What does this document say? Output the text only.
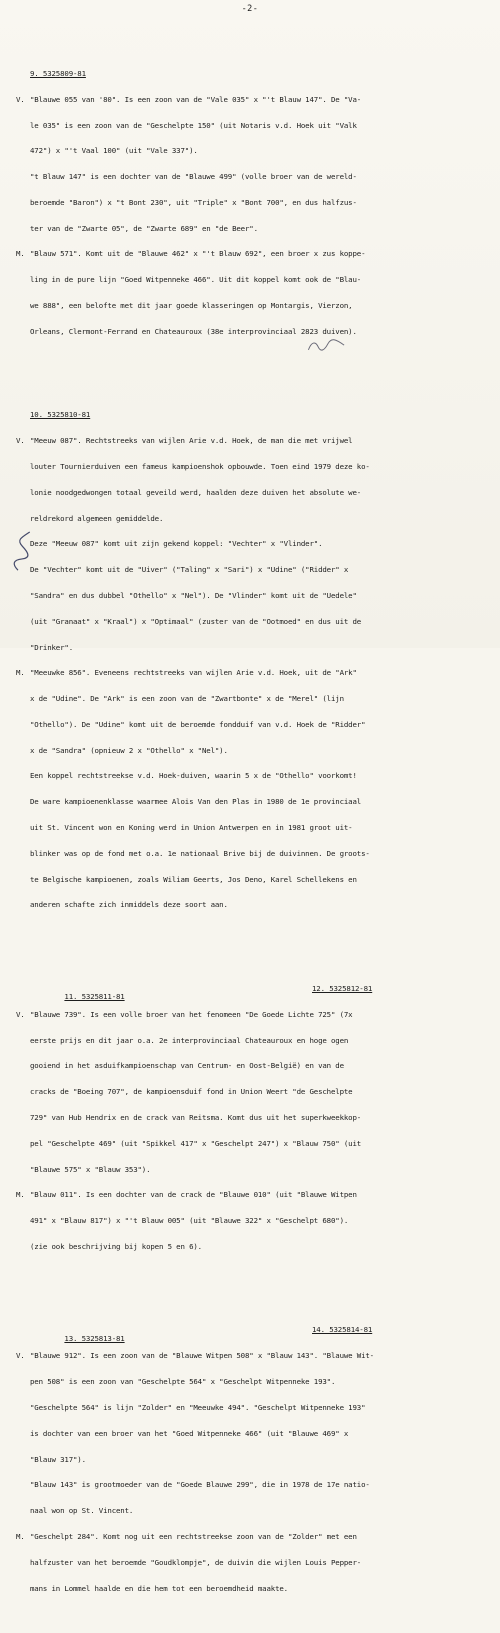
-2-

9. 5325809-81

V. "Blauwe 055 van '80". Is een zoon van de "Vale 035" x "'t Blauw 147". De "Va-

le 035" is een zoon van de "Geschelpte 150" (uit Notaris v.d. Hoek uit "Valk

472") x "'t Vaal 100" (uit "Vale 337").

"t Blauw 147" is een dochter van de "Blauwe 499" (volle broer van de wereld-

beroemde "Baron") x "t Bont 230", uit "Triple" x "Bont 700", en dus halfzus-

ter van de "Zwarte 05", de "Zwarte 689" en "de Beer".

M. "Blauw 571". Komt uit de "Blauwe 462" x "'t Blauw 692", een broer x zus koppe-

ling in de pure lijn "Goed Witpenneke 466". Uit dit koppel komt ook de "Blau-

we 888", een belofte met dit jaar goede klasseringen op Montargis, Vierzon,

Orleans, Clermont-Ferrand en Chateauroux (38e interprovinciaal 2823 duiven).

10. 5325810-81

V. "Meeuw 087". Rechtstreeks van wijlen Arie v.d. Hoek, de man die met vrijwel

louter Tournierduiven een fameus kampioenshok opbouwde. Toen eind 1979 deze ko-

lonie noodgedwongen totaal geveild werd, haalden deze duiven het absolute we-

reldrekord algemeen gemiddelde.

Deze "Meeuw 087" komt uit zijn gekend koppel: "Vechter" x "Vlinder".

De "Vechter" komt uit de "Uiver" ("Taling" x "Sari") x "Udine" ("Ridder" x

"Sandra" en dus dubbel "Othello" x "Nel"). De "Vlinder" komt uit de "Uedele"

(uit "Granaat" x "Kraal") x "Optimaal" (zuster van de "Ootmoed" en dus uit de

"Drinker".

M. "Meeuwke 856". Eveneens rechtstreeks van wijlen Arie v.d. Hoek, uit de "Ark"

x de "Udine". De "Ark" is een zoon van de "Zwartbonte" x de "Merel" (lijn

"Othello"). De "Udine" komt uit de beroemde fondduif van v.d. Hoek de "Ridder"

x de "Sandra" (opnieuw 2 x "Othello" x "Nel").

Een koppel rechtstreekse v.d. Hoek-duiven, waarin 5 x de "Othello" voorkomt!

De ware kampioenenklasse waarmee Alois Van den Plas in 1980 de 1e provinciaal

uit St. Vincent won en Koning werd in Union Antwerpen en in 1981 groot uit-

blinker was op de fond met o.a. 1e nationaal Brive bij de duivinnen. De groots-

te Belgische kampioenen, zoals Wiliam Geerts, Jos Deno, Karel Schellekens en

anderen schafte zich inmiddels deze soort aan.

11. 5325811-81

12. 5325812-81

V. "Blauwe 739". Is een volle broer van het fenomeen "De Goede Lichte 725" (7x

eerste prijs en dit jaar o.a. 2e interprovinciaal Chateauroux en hoge ogen

gooiend in het asduifkampioenschap van Centrum- en Oost-België) en van de

cracks de "Boeing 707", de kampioensduif fond in Union Weert "de Geschelpte

729" van Hub Hendrix en de crack van Reitsma. Komt dus uit het superkweekkop-

pel "Geschelpte 469" (uit "Spikkel 417" x "Geschelpt 247") x "Blauw 750" (uit

"Blauwe 575" x "Blauw 353").

M. "Blauw 011". Is een dochter van de crack de "Blauwe 010" (uit "Blauwe Witpen

491" x "Blauw 817") x "'t Blauw 005" (uit "Blauwe 322" x "Geschelpt 680").

(zie ook beschrijving bij kopen 5 en 6).

13. 5325813-81

14. 5325814-81

V. "Blauwe 912". Is een zoon van de "Blauwe Witpen 508" x "Blauw 143". "Blauwe Wit-

pen 508" is een zoon van "Geschelpte 564" x "Geschelpt Witpenneke 193".

"Geschelpte 564" is lijn "Zolder" en "Meeuwke 494". "Geschelpt Witpenneke 193"

is dochter van een broer van het "Goed Witpenneke 466" (uit "Blauwe 469" x

"Blauw 317").

"Blauw 143" is grootmoeder van de "Goede Blauwe 299", die in 1978 de 17e natio-

naal won op St. Vincent.

M. "Geschelpt 284". Komt nog uit een rechtstreekse zoon van de "Zolder" met een

halfzuster van het beroemde "Goudklompje", de duivin die wijlen Louis Pepper-

mans in Lommel haalde en die hem tot een beroemdheid maakte.
